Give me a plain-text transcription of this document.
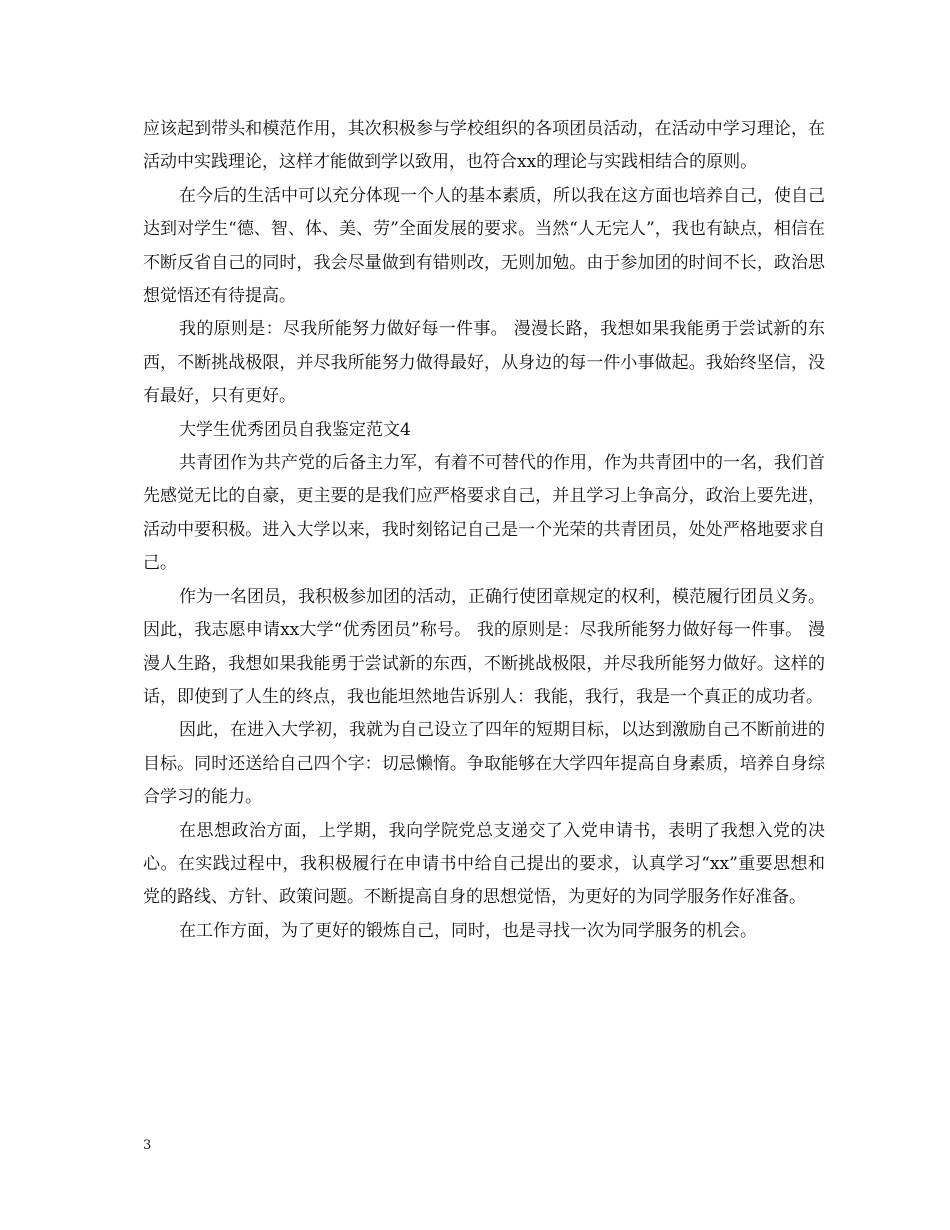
应该起到带头和模范作用，其次积极参与学校组织的各项团员活动，在活动中学习理论，在活动中实践理论，这样才能做到学以致用，也符合xx的理论与实践相结合的原则。

在今后的生活中可以充分体现一个人的基本素质，所以我在这方面也培养自己，使自己达到对学生“德、智、体、美、劳”全面发展的要求。当然“人无完人”，我也有缺点，相信在不断反省自己的同时，我会尽量做到有错则改，无则加勉。由于参加团的时间不长，政治思想觉悟还有待提高。

我的原则是：尽我所能努力做好每一件事。 漫漫长路，我想如果我能勇于尝试新的东西，不断挑战极限，并尽我所能努力做得最好，从身边的每一件小事做起。我始终坚信，没有最好，只有更好。

大学生优秀团员自我鉴定范文4

共青团作为共产党的后备主力军，有着不可替代的作用，作为共青团中的一名，我们首先感觉无比的自豪，更主要的是我们应严格要求自己，并且学习上争高分，政治上要先进，活动中要积极。进入大学以来，我时刻铭记自己是一个光荣的共青团员，处处严格地要求自己。

作为一名团员，我积极参加团的活动，正确行使团章规定的权利，模范履行团员义务。因此，我志愿申请xx大学“优秀团员”称号。 我的原则是：尽我所能努力做好每一件事。 漫漫人生路，我想如果我能勇于尝试新的东西，不断挑战极限，并尽我所能努力做好。这样的话，即使到了人生的终点，我也能坦然地告诉别人：我能，我行，我是一个真正的成功者。

因此，在进入大学初，我就为自己设立了四年的短期目标，以达到激励自己不断前进的目标。同时还送给自己四个字：切忌懒惰。争取能够在大学四年提高自身素质，培养自身综合学习的能力。

在思想政治方面，上学期，我向学院党总支递交了入党申请书，表明了我想入党的决心。在实践过程中，我积极履行在申请书中给自己提出的要求，认真学习“xx”重要思想和党的路线、方针、政策问题。不断提高自身的思想觉悟，为更好的为同学服务作好准备。

在工作方面，为了更好的锻炼自己，同时，也是寻找一次为同学服务的机会。

3
